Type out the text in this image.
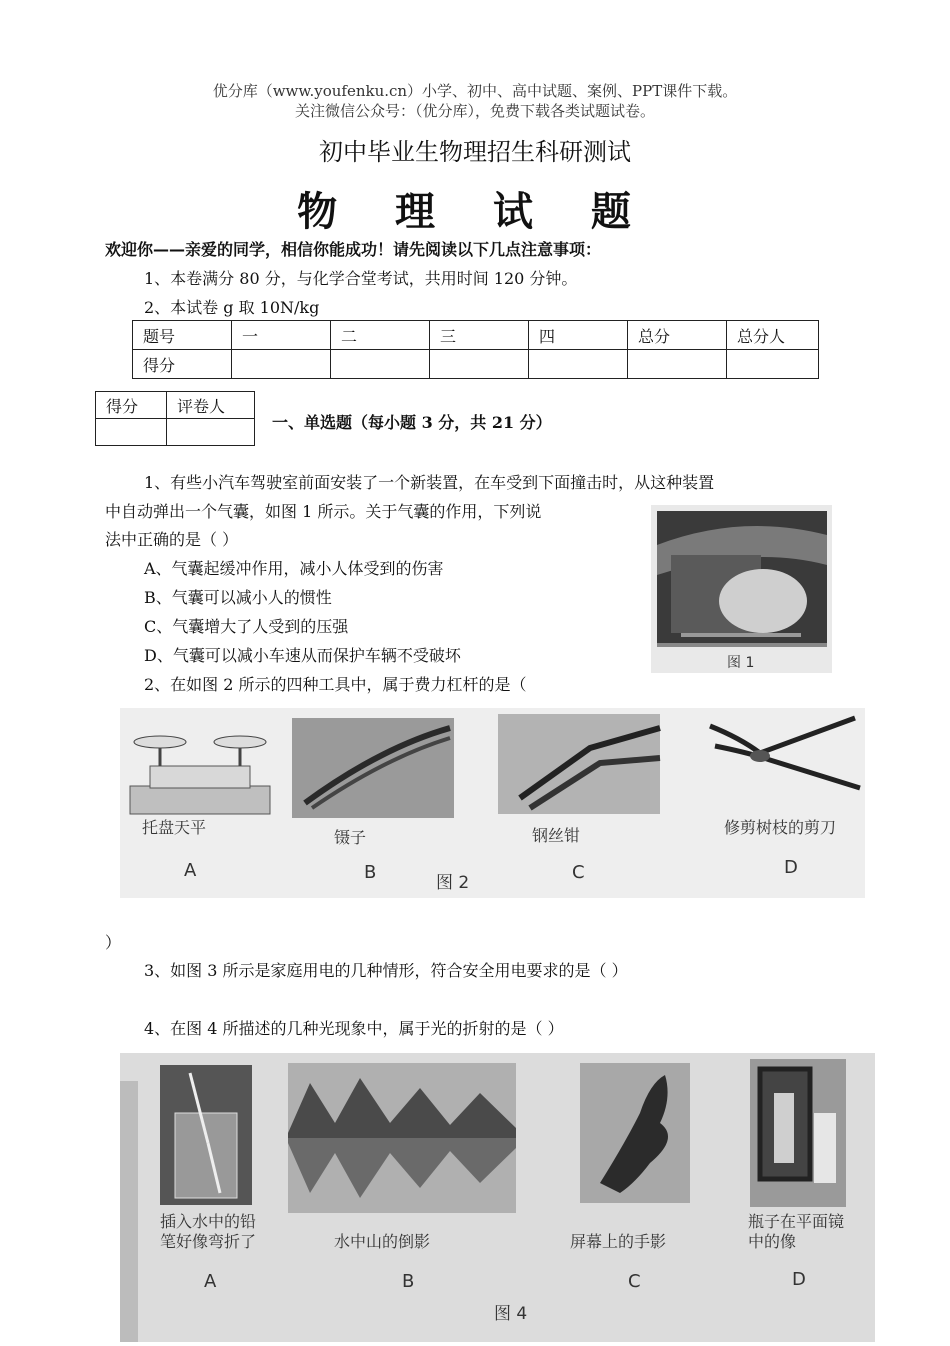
优分库（www.youfenku.cn）小学、初中、高中试题、案例、PPT课件下载。
关注微信公众号：（优分库），免费下载各类试题试卷。
初中毕业生物理招生科研测试
物 理 试 题
欢迎你——亲爱的同学，相信你能成功！请先阅读以下几点注意事项：
1、本卷满分 80 分，与化学合堂考试，共用时间 120 分钟。
2、本试卷 g 取 10N/kg
题号	一	二	三	四	总分	总分人
得分						
得分	评卷人

一、单选题（每小题 3 分，共 21 分）
1、有些小汽车驾驶室前面安装了一个新装置，在车受到下面撞击时，从这种装置
中自动弹出一个气囊，如图 1 所示。关于气囊的作用，下列说
法中正确的是（ ）
A、气囊起缓冲作用，减小人体受到的伤害
B、气囊可以减小人的惯性
C、气囊增大了人受到的压强
D、气囊可以减小车速从而保护车辆不受破坏	图 1
2、在如图 2 所示的四种工具中，属于费力杠杆的是（
托盘天平
A
镊子
B
钢丝钳
C
修剪树枝的剪刀
D
图 2
）
3、如图 3 所示是家庭用电的几种情形，符合安全用电要求的是（ ）
4、在图 4 所描述的几种光现象中，属于光的折射的是（ ）
插入水中的铅
笔好像弯折了
A
水中山的倒影
B
屏幕上的手影
C
瓶子在平面镜
中的像
D
图 4
